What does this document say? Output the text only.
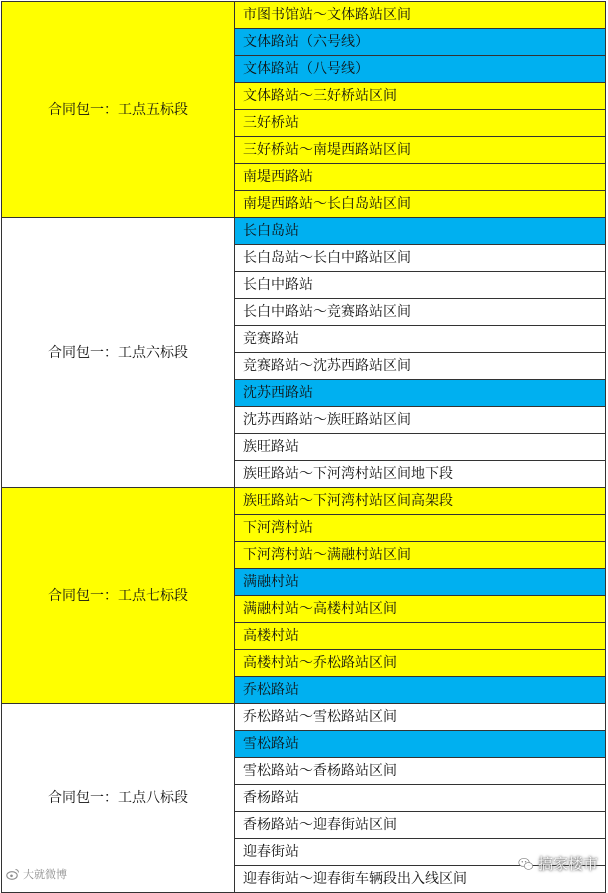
合同包一：工点五标段	市图书馆站～文体路站区间
	文体路站（六号线）
	文体路站（八号线）
	文体路站～三好桥站区间
	三好桥站
	三好桥站～南堤西路站区间
	南堤西路站
	南堤西路站～长白岛站区间
合同包一：工点六标段	长白岛站
	长白岛站～长白中路站区间
	长白中路站
	长白中路站～竞赛路站区间
	竞赛路站
	竞赛路站～沈苏西路站区间
	沈苏西路站
	沈苏西路站～族旺路站区间
	族旺路站
	族旺路站～下河湾村站区间地下段
合同包一：工点七标段	族旺路站～下河湾村站区间高架段
	下河湾村站
	下河湾村站～满融村站区间
	满融村站
	满融村站～高楼村站区间
	高楼村站
	高楼村站～乔松路站区间
	乔松路站
合同包一：工点八标段	乔松路站～雪松路站区间
	雪松路站
	雪松路站～香杨路站区间
	香杨路站
	香杨路站～迎春街站区间
	迎春街站
	迎春街站～迎春街车辆段出入线区间
大就微博
搞家楼市
